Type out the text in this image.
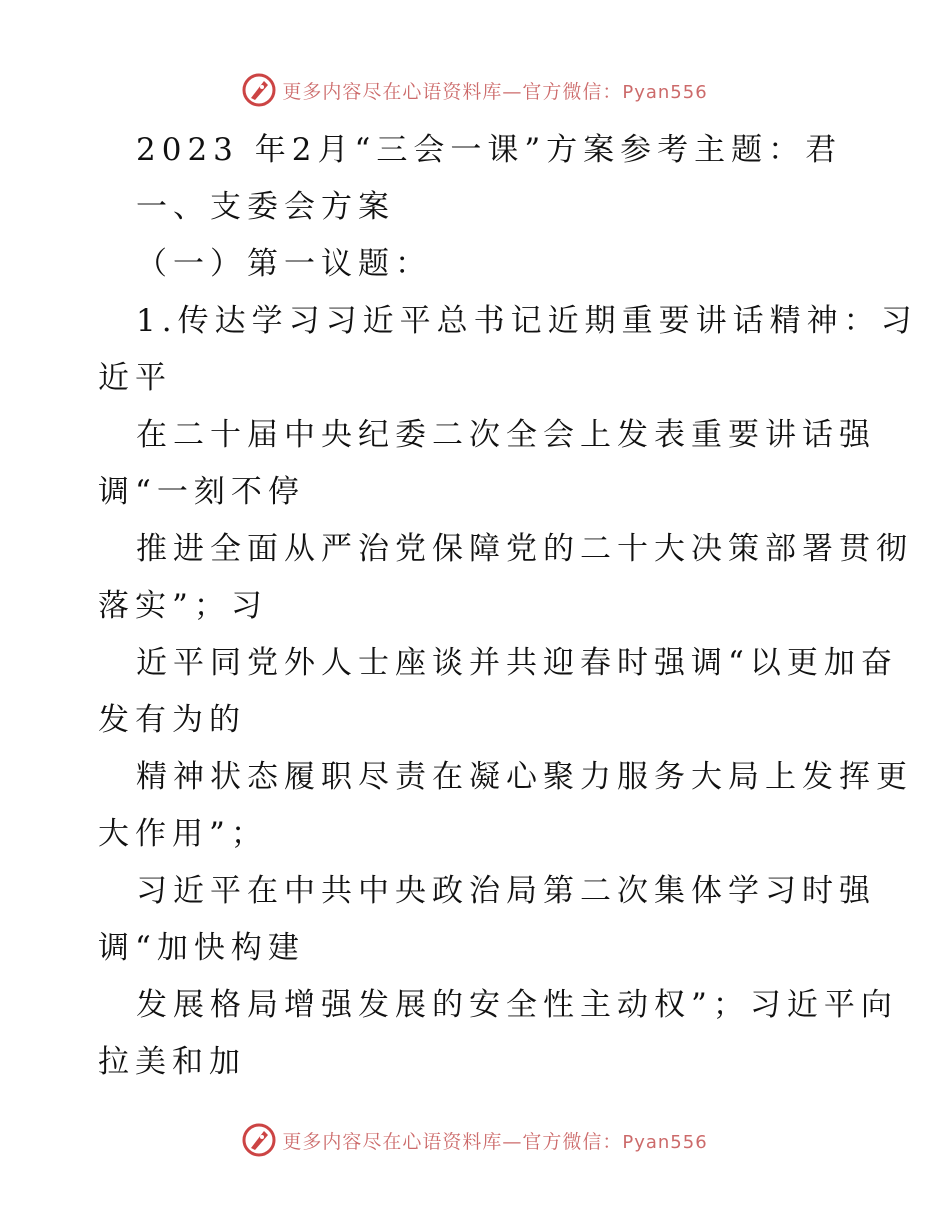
更多内容尽在心语资料库—官方微信：Pyan556
2023 年2月“三会一课”方案参考主题：君
一、支委会方案
（一）第一议题：
1.传达学习习近平总书记近期重要讲话精神：习
近平
在二十届中央纪委二次全会上发表重要讲话强
调“一刻不停
推进全面从严治党保障党的二十大决策部署贯彻
落实”；习
近平同党外人士座谈并共迎春时强调“以更加奋
发有为的
精神状态履职尽责在凝心聚力服务大局上发挥更
大作用”；
习近平在中共中央政治局第二次集体学习时强
调“加快构建
发展格局增强发展的安全性主动权”；习近平向
拉美和加
更多内容尽在心语资料库—官方微信：Pyan556
